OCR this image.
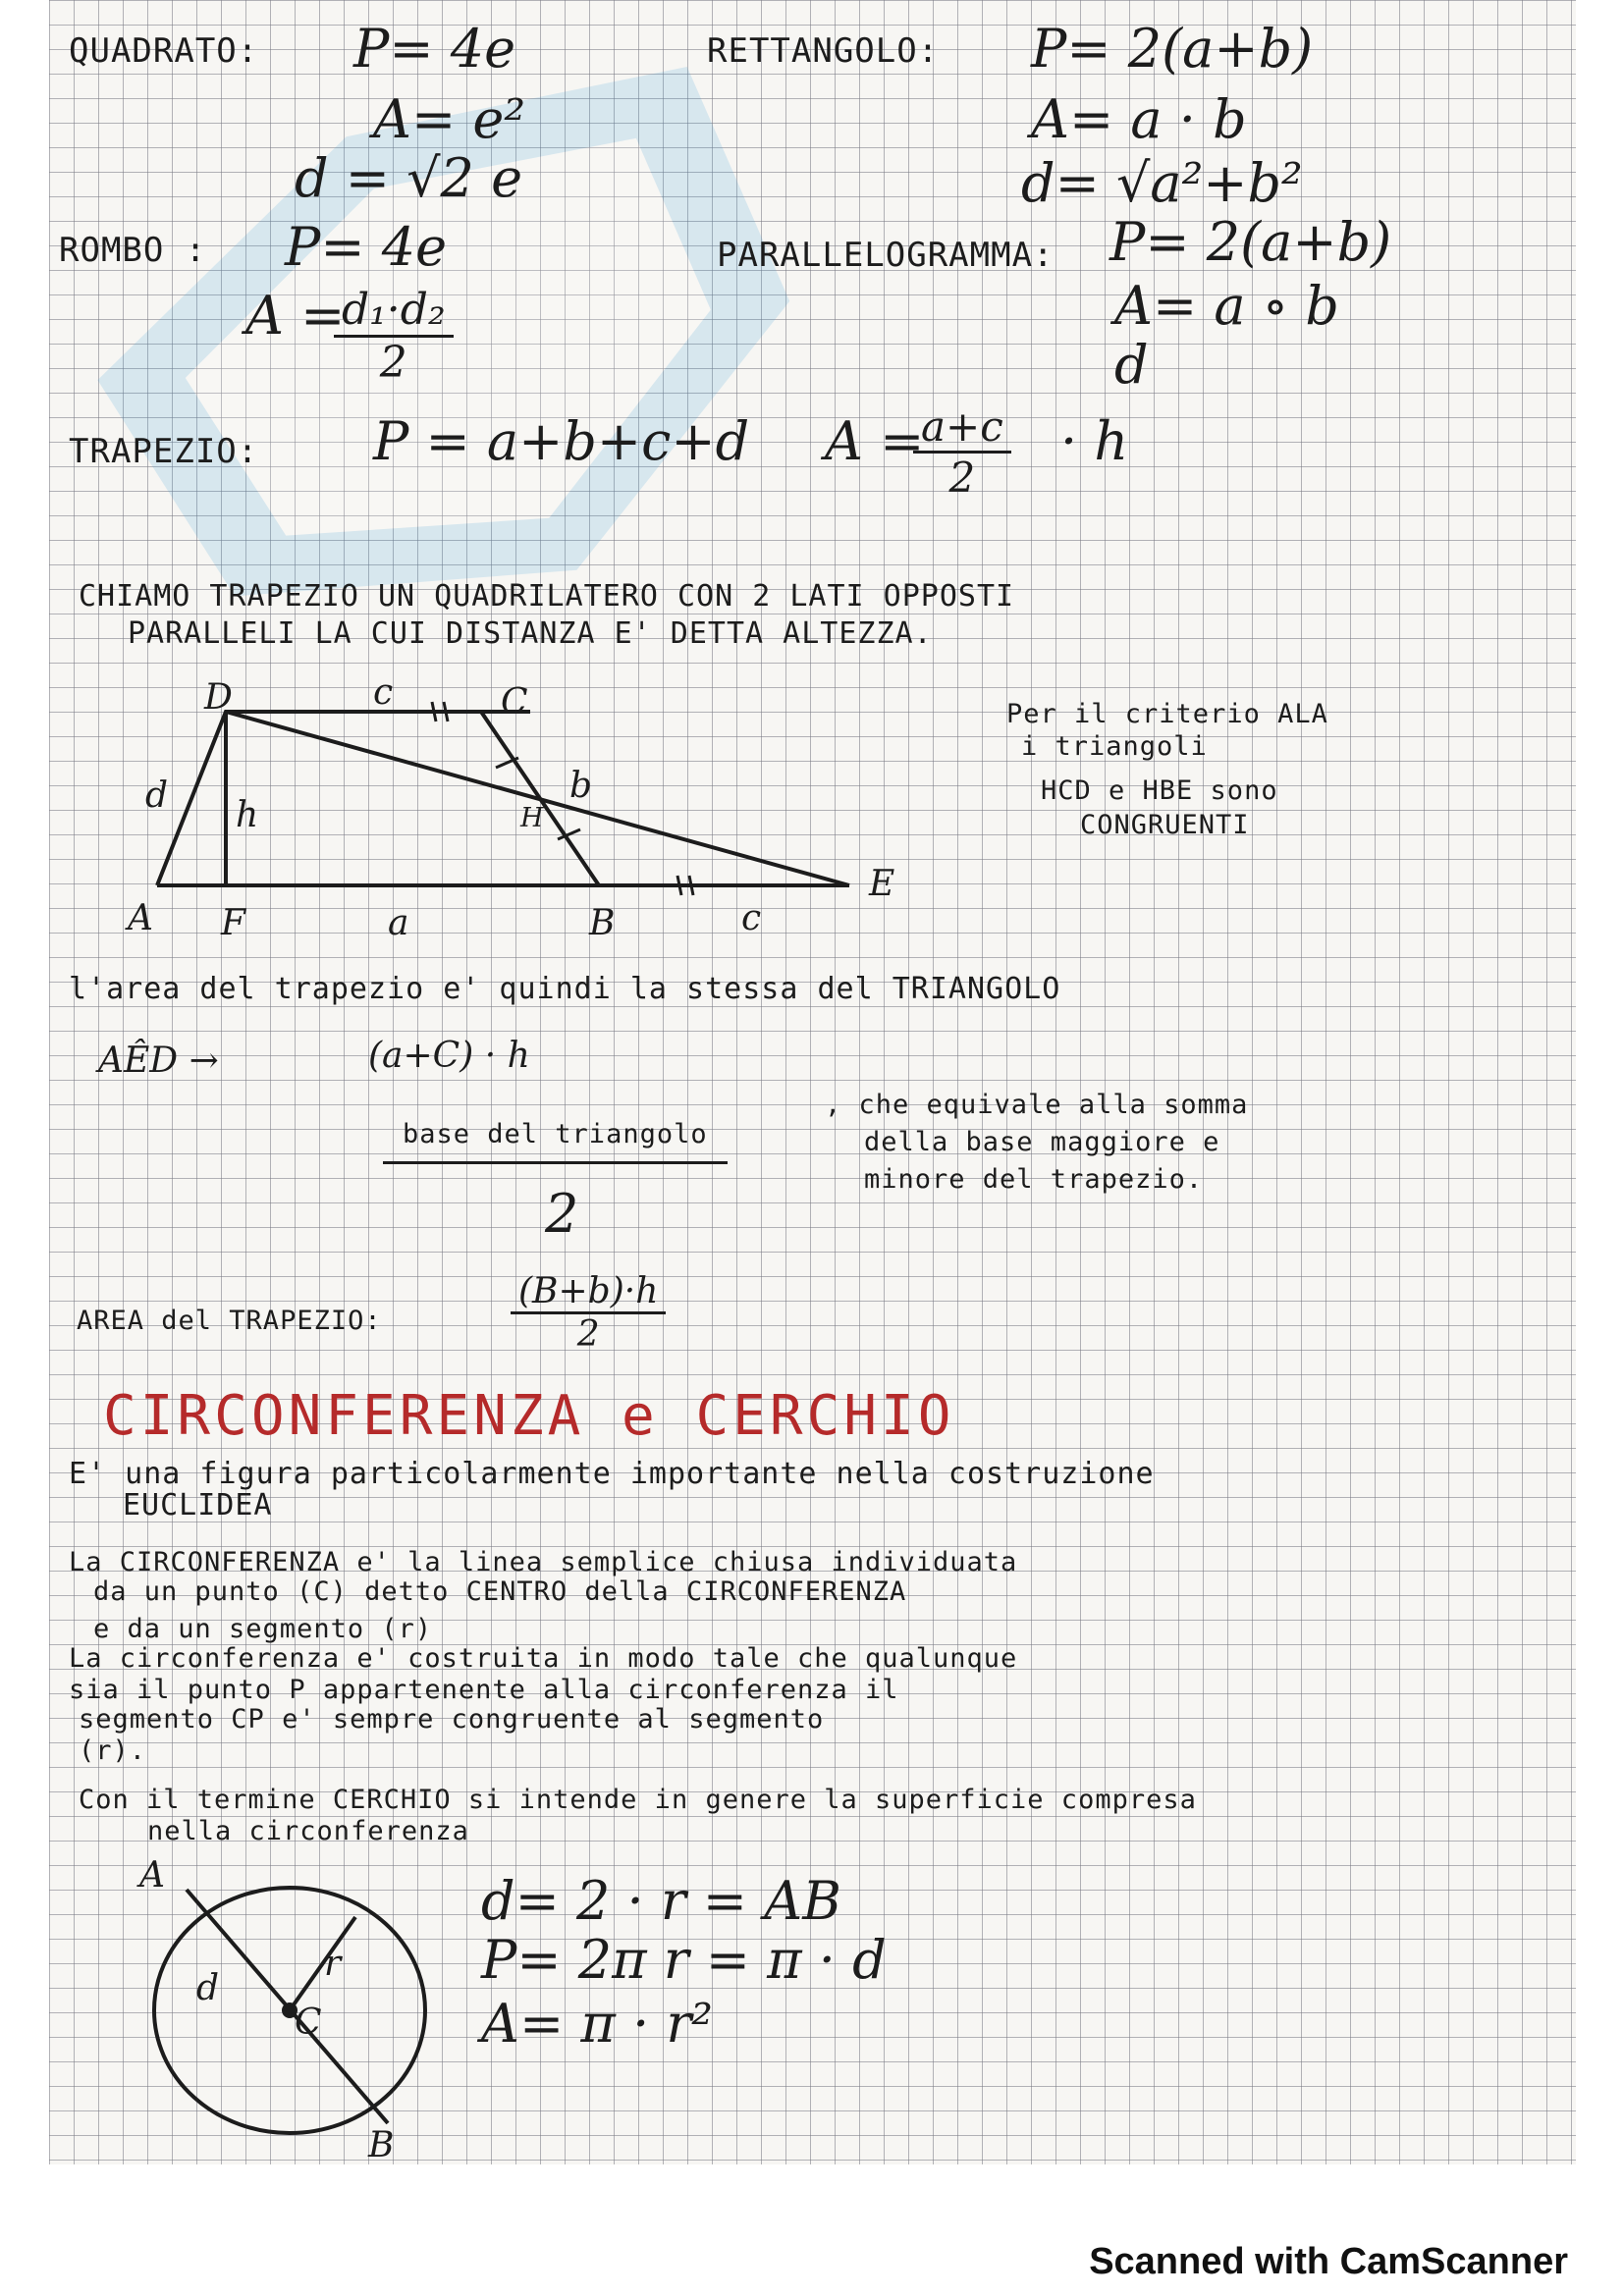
QUADRATO: P= 4e
A= e²
d = √2 e
RETTANGOLO: P= 2(a+b)
A= a · b
d= √a²+b²
ROMBO : P= 4e
A =
$\frac{\text{d₁·d₂}}{2}$
PARALLELOGRAMMA: P= 2(a+b)
A= a ∘ b
d
TRAPEZIO: P = a+b+c+d A =
$\frac{a+c}{2} \cdot h$
CHIAMO TRAPEZIO UN QUADRILATERO CON 2 LATI OPPOSTI
PARALLELI LA CUI DISTANZA E' DETTA ALTEZZA.
D	c	C
d h	H
b
E
A F	a	B	c
Per il criterio ALA
i triangoli
HCD e HBE sono
CONGRUENTI
l'area del trapezio e' quindi la stessa del TRIANGOLO
AÊD →	(a+C) · h
base del triangolo
2
, che equivale alla somma
della base maggiore e
minore del trapezio.
AREA del TRAPEZIO:	$\frac{(B+b)\cdot h}{2}$
CIRCONFERENZA e CERCHIO
E' una figura particolarmente importante nella costruzione
EUCLIDEA
La CIRCONFERENZA e' la linea semplice chiusa individuata
da un punto (C) detto CENTRO della CIRCONFERENZA
e da un segmento (r)
La circonferenza e' costruita in modo tale che qualunque
sia il punto P appartenente alla circonferenza il
segmento CP e' sempre congruente al segmento
(r).
Con il termine CERCHIO si intende in genere la superficie compresa
nella circonferenza
A
d
r
C
B
d= 2 · r = AB
P= 2π r = π · d
A= π · r²
Scanned with CamScanner
